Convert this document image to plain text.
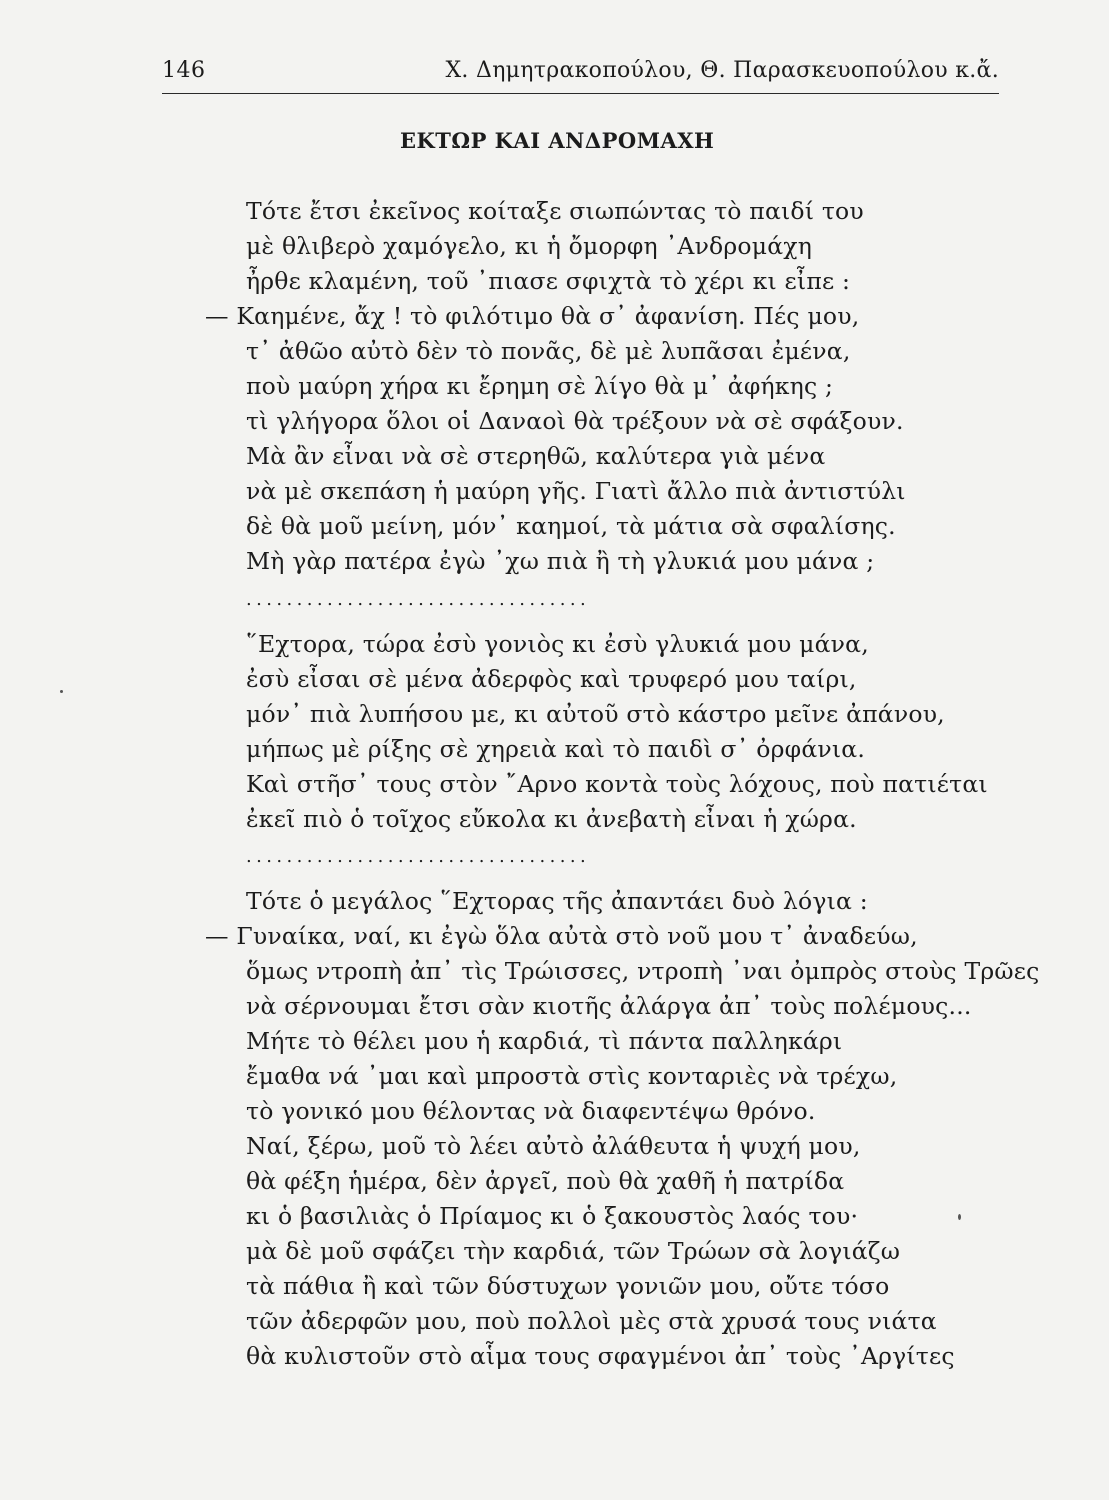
146	Χ. Δημητρακοπούλου, Θ. Παρασκευοπούλου κ.ἄ.
ΕΚΤΩΡ ΚΑΙ ΑΝΔΡΟΜΑΧΗ
Τότε ἔτσι ἐκεῖνος κοίταξε σιωπώντας τὸ παιδί του
μὲ θλιβερὸ χαμόγελο, κι ἡ ὄμορφη ᾿Ανδρομάχη
ἦρθε κλαμένη, τοῦ ᾿πιασε σφιχτὰ τὸ χέρι κι εἶπε :
— Καημένε, ἄχ ! τὸ φιλότιμο θὰ σ᾿ ἀφανίση. Πές μου,
τ᾿ ἀθῶο αὐτὸ δὲν τὸ πονᾶς, δὲ μὲ λυπᾶσαι ἐμένα,
ποὺ μαύρη χήρα κι ἔρημη σὲ λίγο θὰ μ᾿ ἀφήκης ;
τὶ γλήγορα ὅλοι οἱ Δαναοὶ θὰ τρέξουν νὰ σὲ σφάξουν.
Μὰ ἂν εἶναι νὰ σὲ στερηθῶ, καλύτερα γιὰ μένα
νὰ μὲ σκεπάση ἡ μαύρη γῆς. Γιατὶ ἄλλο πιὰ ἀντιστύλι
δὲ θὰ μοῦ μείνη, μόν᾿ καημοί, τὰ μάτια σὰ σφαλίσης.
Μὴ γὰρ πατέρα ἐγὼ ᾿χω πιὰ ἢ τὴ γλυκιά μου μάνα ;
..................................
῞Εχτορα, τώρα ἐσὺ γονιὸς κι ἐσὺ γλυκιά μου μάνα,
ἐσὺ εἶσαι σὲ μένα ἀδερφὸς καὶ τρυφερό μου ταίρι,
μόν᾿ πιὰ λυπήσου με, κι αὐτοῦ στὸ κάστρο μεῖνε ἀπάνου,
μήπως μὲ ρίξης σὲ χηρειὰ καὶ τὸ παιδὶ σ᾿ ὀρφάνια.
Καὶ στῆσ᾿ τους στὸν ῎Αρνο κοντὰ τοὺς λόχους, ποὺ πατιέται
ἐκεῖ πιὸ ὁ τοῖχος εὔκολα κι ἀνεβατὴ εἶναι ἡ χώρα.
..................................
Τότε ὁ μεγάλος ῞Εχτορας τῆς ἀπαντάει δυὸ λόγια :
— Γυναίκα, ναί, κι ἐγὼ ὅλα αὐτὰ στὸ νοῦ μου τ᾿ ἀναδεύω,
ὅμως ντροπὴ ἀπ᾿ τὶς Τρώισσες, ντροπὴ ᾿ναι ὀμπρὸς στοὺς Τρῶες
νὰ σέρνουμαι ἔτσι σὰν κιοτῆς ἀλάργα ἀπ᾿ τοὺς πολέμους...
Μήτε τὸ θέλει μου ἡ καρδιά, τὶ πάντα παλληκάρι
ἔμαθα νά ᾿μαι καὶ μπροστὰ στὶς κονταριὲς νὰ τρέχω,
τὸ γονικό μου θέλοντας νὰ διαφεντέψω θρόνο.
Ναί, ξέρω, μοῦ τὸ λέει αὐτὸ ἀλάθευτα ἡ ψυχή μου,
θὰ φέξη ἡμέρα, δὲν ἀργεῖ, ποὺ θὰ χαθῆ ἡ πατρίδα
κι ὁ βασιλιὰς ὁ Πρίαμος κι ὁ ξακουστὸς λαός του·
μὰ δὲ μοῦ σφάζει τὴν καρδιά, τῶν Τρώων σὰ λογιάζω
τὰ πάθια ἢ καὶ τῶν δύστυχων γονιῶν μου, οὔτε τόσο
τῶν ἀδερφῶν μου, ποὺ πολλοὶ μὲς στὰ χρυσά τους νιάτα
θὰ κυλιστοῦν στὸ αἷμα τους σφαγμένοι ἀπ᾿ τοὺς ᾿Αργίτες
